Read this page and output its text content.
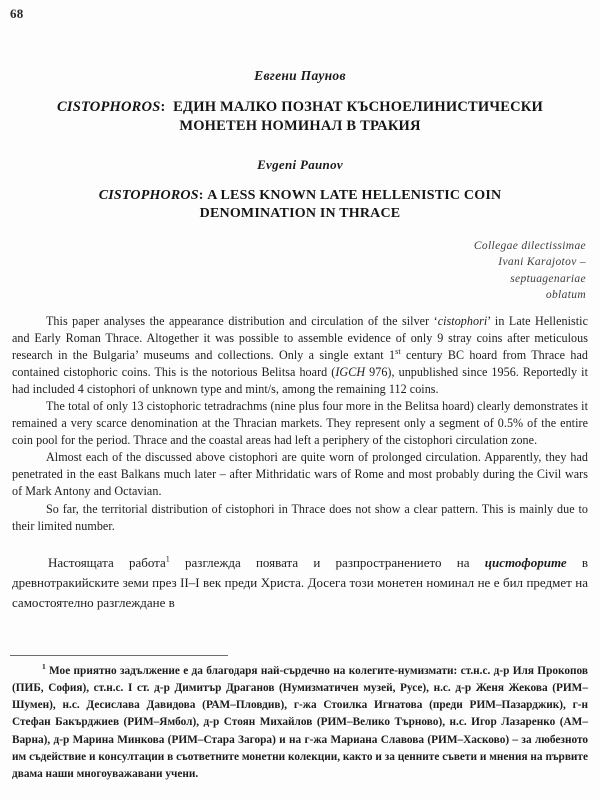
68
Евгени Паунов
CISTOPHOROS: ЕДИН МАЛКО ПОЗНАТ КЪСНОЕЛИНИСТИЧЕСКИ
МОНЕТЕН НОМИНАЛ В ТРАКИЯ
Evgeni Paunov
CISTOPHOROS: A LESS KNOWN LATE HELLENISTIC COIN
DENOMINATION IN THRACE
Collegae dilectissimae
Ivani Karajotov –
septuagenariae
oblatum

This paper analyses the appearance distribution and circulation of the silver ‘cistophori’ in Late Hellenistic and Early Roman Thrace. Altogether it was possible to assemble evidence of only 9 stray coins after meticulous research in the Bulgaria’ museums and collections. Only a single extant 1st century BC hoard from Thrace had contained cistophoric coins. This is the notorious Belitsa hoard (IGCH 976), unpublished since 1956. Reportedly it had included 4 cistophori of unknown type and mint/s, among the remaining 112 coins.

The total of only 13 cistophoric tetradrachms (nine plus four more in the Belitsa hoard) clearly demonstrates it remained a very scarce denomination at the Thracian markets. They represent only a segment of 0.5% of the entire coin pool for the period. Thrace and the coastal areas had left a periphery of the cistophori circulation zone.

Almost each of the discussed above cistophori are quite worn of prolonged circulation. Apparently, they had penetrated in the east Balkans much later – after Mithridatic wars of Rome and most probably during the Civil wars of Mark Antony and Octavian.

So far, the territorial distribution of cistophori in Thrace does not show a clear pattern. This is mainly due to their limited number.

Настоящата работа$^1$ разглежда появата и разпространението на цистофорите в древнотракийските земи през II–I век преди Христа. Досега този монетен номинал не е бил предмет на самостоятелно разглеждане в

$^1$ Мое приятно задължение е да благодаря най-сърдечно на колегите-нумизмати: ст.н.с. д-р Иля Прокопов (ПИБ, София), ст.н.с. I ст. д-р Димитър Драганов (Нумизматичен музей, Русе), н.с. д-р Женя Жекова (РИМ–Шумен), н.с. Десислава Давидова (РАМ–Пловдив), г-жа Стоилка Игнатова (преди РИМ–Пазарджик), г-н Стефан Бакърджиев (РИМ–Ямбол), д-р Стоян Михайлов (РИМ–Велико Търново), н.с. Игор Лазаренко (АМ–Варна), д-р Марина Минкова (РИМ–Стара Загора) и на г-жа Мариана Славова (РИМ–Хасково) – за любезното им съдействие и консултации в съответните монетни колекции, както и за ценните съвети и мнения на първите двама наши многоуважавани учени.
